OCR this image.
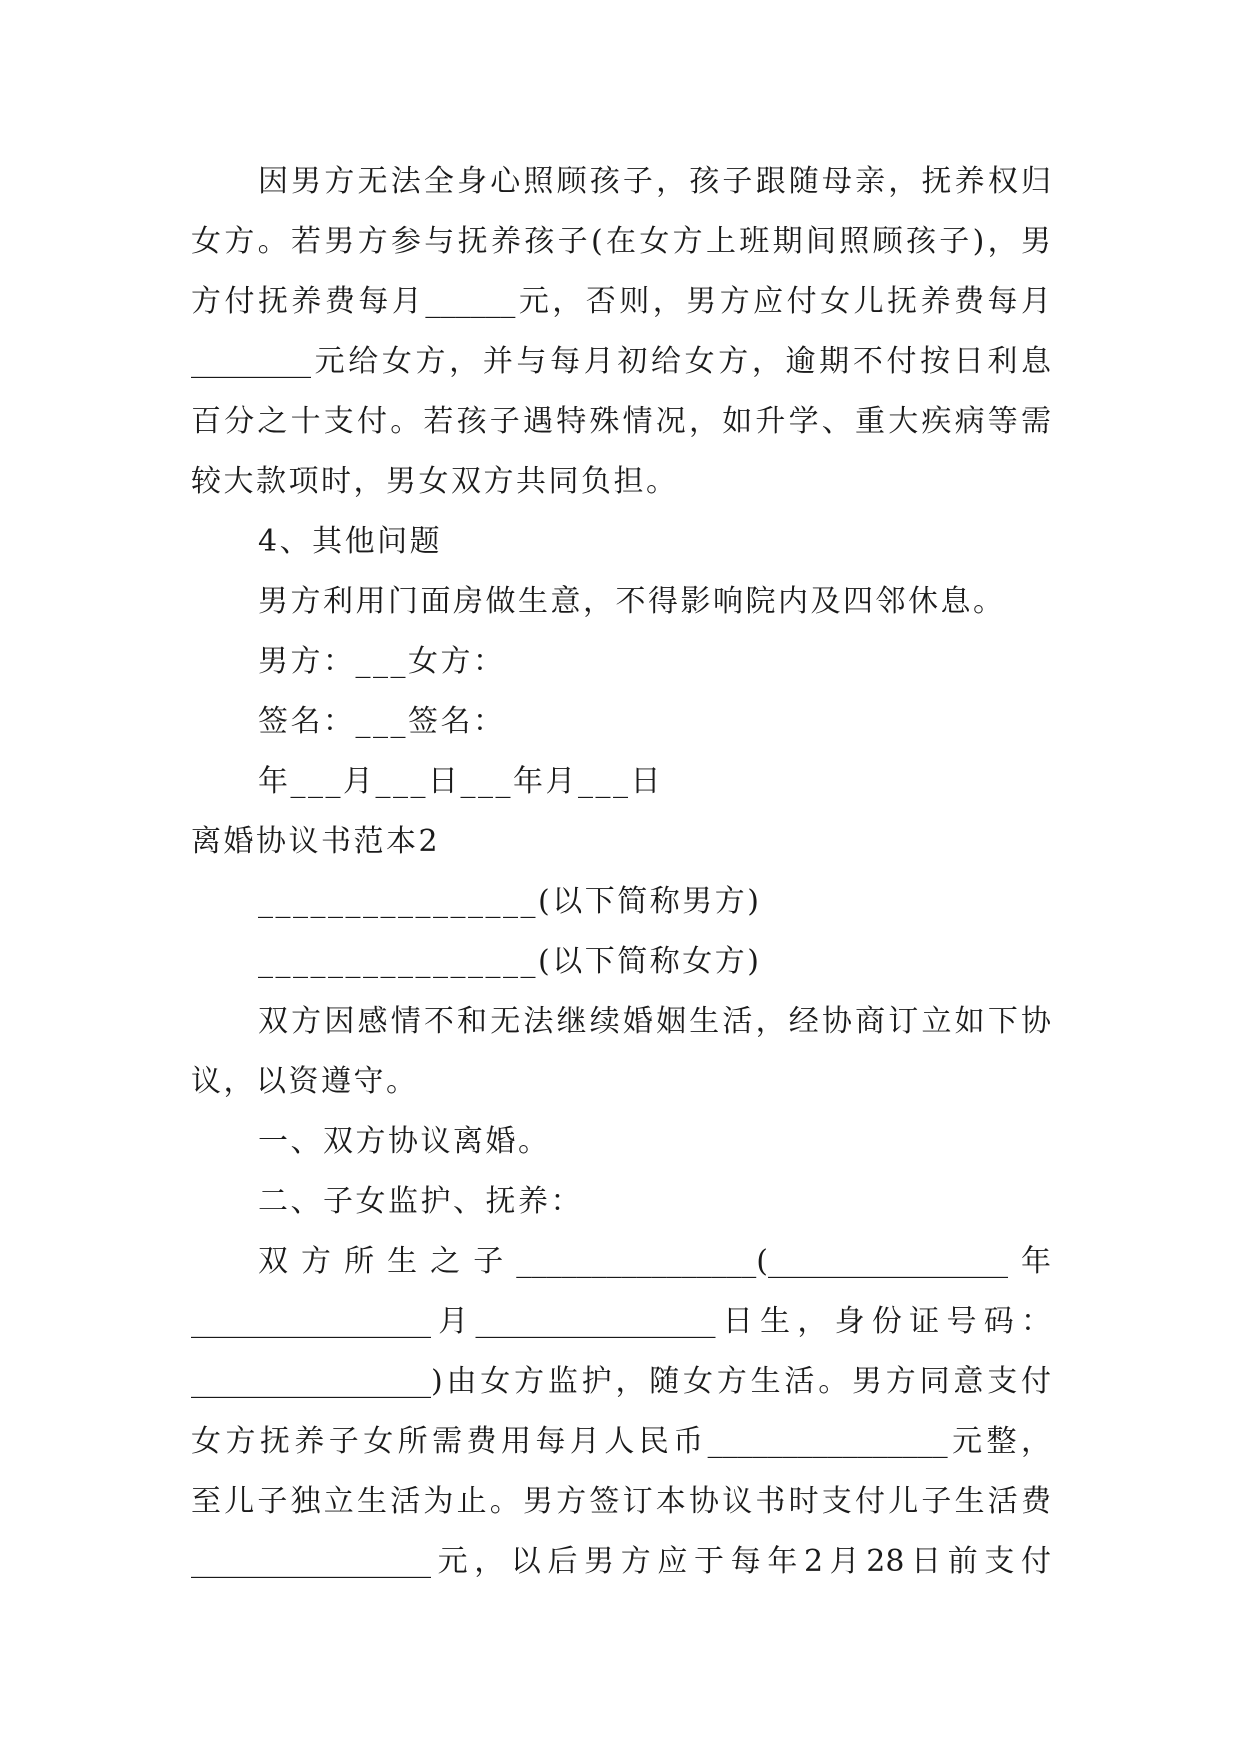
因男方无法全身心照顾孩子，孩子跟随母亲，抚养权归
女方。若男方参与抚养孩子(在女方上班期间照顾孩子)，男
方付抚养费每月______元，否则，男方应付女儿抚养费每月
________元给女方，并与每月初给女方，逾期不付按日利息
百分之十支付。若孩子遇特殊情况，如升学、重大疾病等需
较大款项时，男女双方共同负担。
4、其他问题
男方利用门面房做生意，不得影响院内及四邻休息。
男方：___女方：
签名：___签名：
年___月___日___年月___日
离婚协议书范本2
________________(以下简称男方)
________________(以下简称女方)
双方因感情不和无法继续婚姻生活，经协商订立如下协
议，以资遵守。
一、双方协议离婚。
二、子女监护、抚养：
双方所生之子________________(________________年
________________月________________日生，身份证号码：
________________)由女方监护，随女方生活。男方同意支付
女方抚养子女所需费用每月人民币________________元整，
至儿子独立生活为止。男方签订本协议书时支付儿子生活费
________________元，以后男方应于每年2月28日前支付
